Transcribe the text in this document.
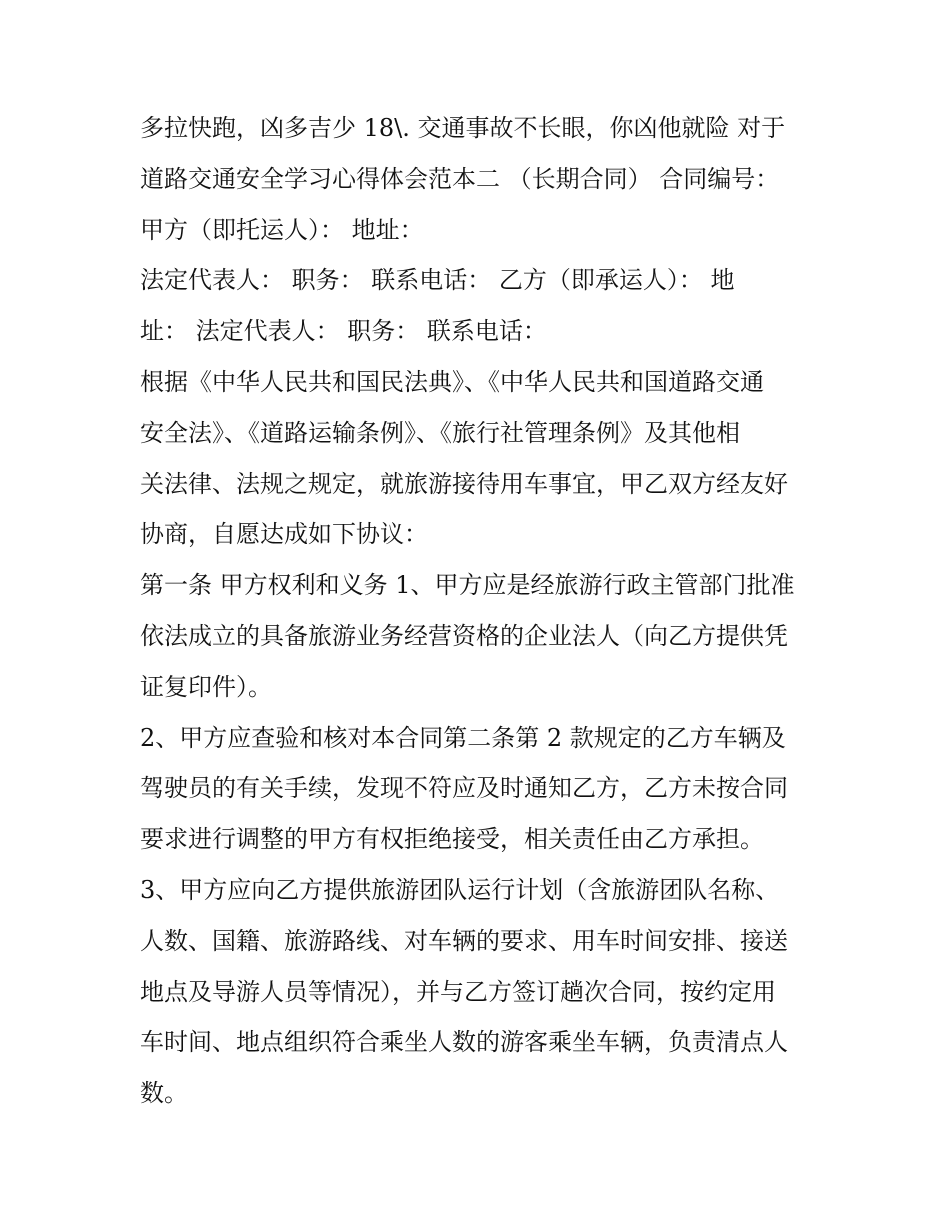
多拉快跑，凶多吉少 18\. 交通事故不长眼，你凶他就险 对于
道路交通安全学习心得体会范本二 （长期合同） 合同编号：
甲方（即托运人）： 地址：
法定代表人： 职务： 联系电话： 乙方（即承运人）： 地
址： 法定代表人： 职务： 联系电话：
根据《中华人民共和国民法典》、《中华人民共和国道路交通
安全法》、《道路运输条例》、《旅行社管理条例》及其他相
关法律、法规之规定，就旅游接待用车事宜，甲乙双方经友好
协商，自愿达成如下协议：
第一条 甲方权利和义务 1、甲方应是经旅游行政主管部门批准
依法成立的具备旅游业务经营资格的企业法人（向乙方提供凭
证复印件）。
2、甲方应查验和核对本合同第二条第 2 款规定的乙方车辆及
驾驶员的有关手续，发现不符应及时通知乙方，乙方未按合同
要求进行调整的甲方有权拒绝接受，相关责任由乙方承担。
3、甲方应向乙方提供旅游团队运行计划（含旅游团队名称、
人数、国籍、旅游路线、对车辆的要求、用车时间安排、接送
地点及导游人员等情况），并与乙方签订趟次合同，按约定用
车时间、地点组织符合乘坐人数的游客乘坐车辆，负责清点人
数。
